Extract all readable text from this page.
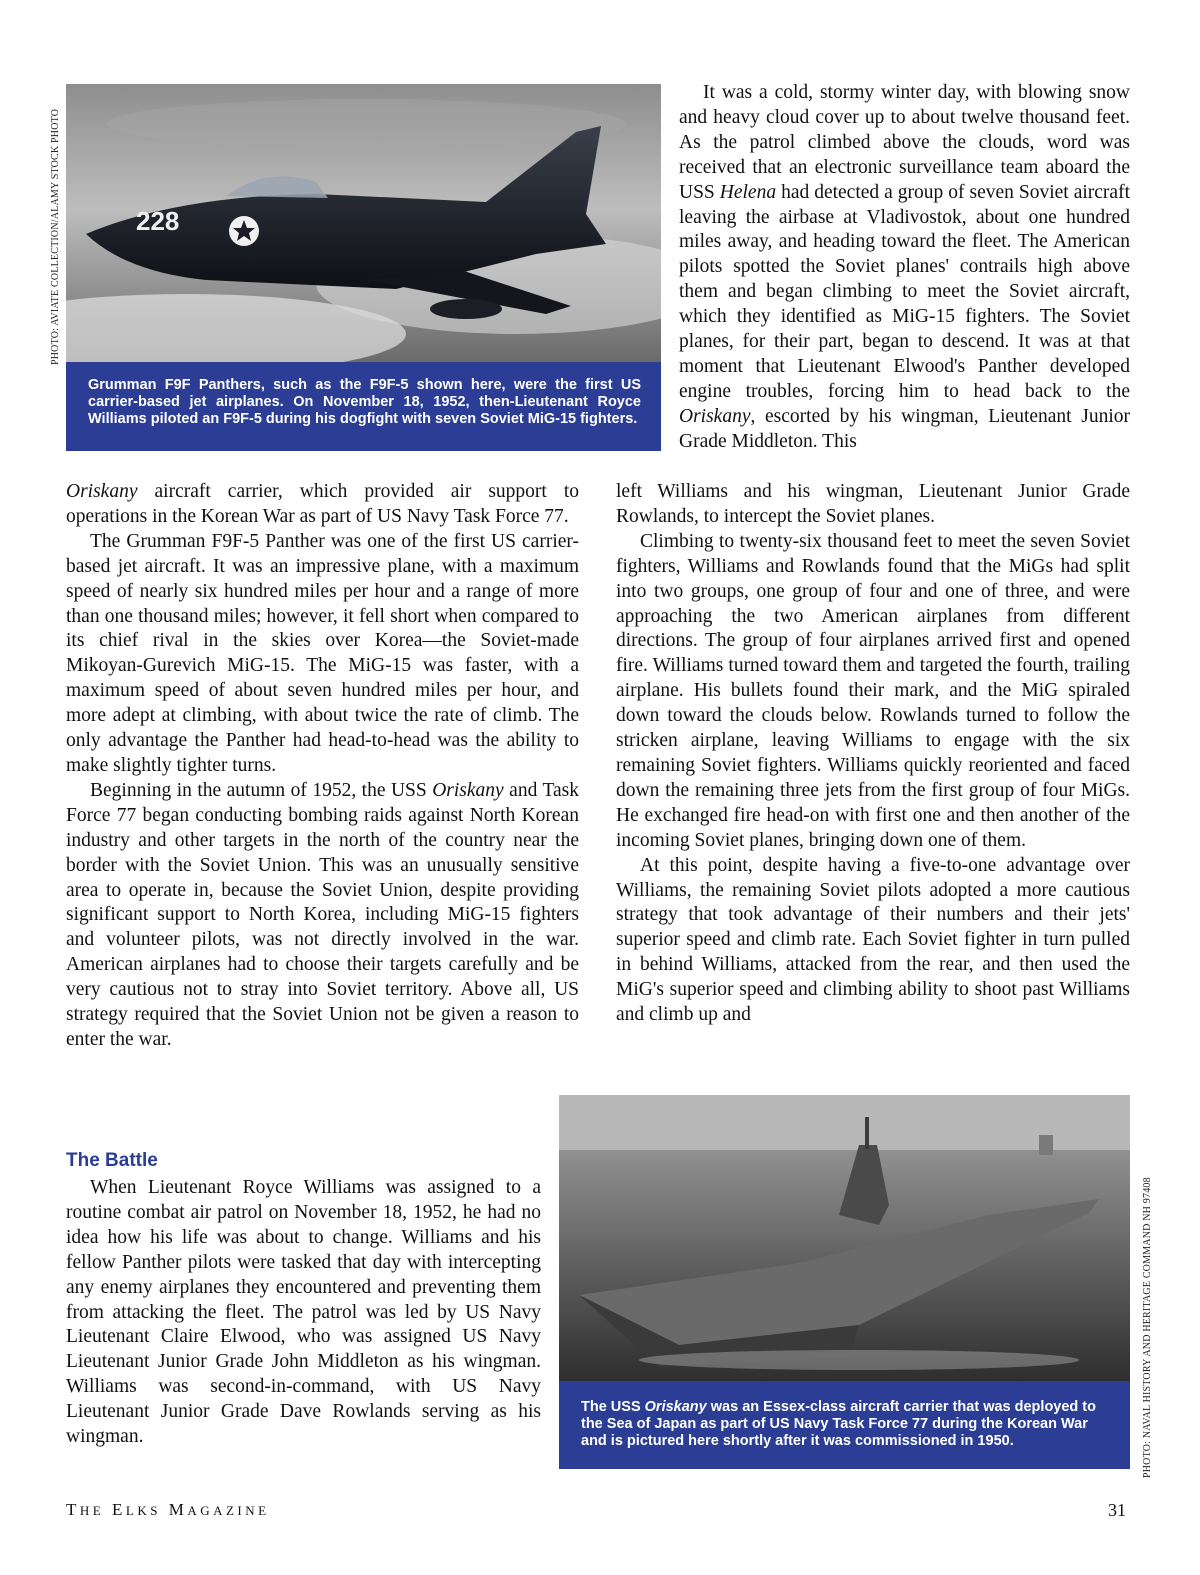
PHOTO: AVIATE COLLECTION/ALAMY STOCK PHOTO
PHOTO: NAVAL HISTORY AND HERITAGE COMMAND NH 97408
228
Grumman F9F Panthers, such as the F9F-5 shown here, were the first US carrier-based jet airplanes. On November 18, 1952, then-Lieutenant Royce Williams piloted an F9F-5 during his dogfight with seven Soviet MiG-15 fighters.

It was a cold, stormy winter day, with blowing snow and heavy cloud cover up to about twelve thousand feet. As the patrol climbed above the clouds, word was received that an electronic surveillance team aboard the USS Helena had detected a group of seven Soviet aircraft leaving the airbase at Vladivostok, about one hundred miles away, and heading toward the fleet. The American pilots spotted the Soviet planes' contrails high above them and began climbing to meet the Soviet aircraft, which they identified as MiG-15 fighters. The Soviet planes, for their part, began to descend. It was at that moment that Lieutenant Elwood's Panther developed engine troubles, forcing him to head back to the Oriskany, escorted by his wingman, Lieutenant Junior Grade Middleton. This

Oriskany aircraft carrier, which provided air support to operations in the Korean War as part of US Navy Task Force 77.

The Grumman F9F-5 Panther was one of the first US carrier-based jet aircraft. It was an impressive plane, with a maximum speed of nearly six hundred miles per hour and a range of more than one thousand miles; however, it fell short when compared to its chief rival in the skies over Korea—the Soviet-made Mikoyan-Gurevich MiG-15. The MiG-15 was faster, with a maximum speed of about seven hundred miles per hour, and more adept at climbing, with about twice the rate of climb. The only advantage the Panther had head-to-head was the ability to make slightly tighter turns.

Beginning in the autumn of 1952, the USS Oriskany and Task Force 77 began conducting bombing raids against North Korean industry and other targets in the north of the country near the border with the Soviet Union. This was an unusually sensitive area to operate in, because the Soviet Union, despite providing significant support to North Korea, including MiG-15 fighters and volunteer pilots, was not directly involved in the war. American airplanes had to choose their targets carefully and be very cautious not to stray into Soviet territory. Above all, US strategy required that the Soviet Union not be given a reason to enter the war.

The Battle

When Lieutenant Royce Williams was assigned to a routine combat air patrol on November 18, 1952, he had no idea how his life was about to change. Williams and his fellow Panther pilots were tasked that day with intercepting any enemy airplanes they encountered and preventing them from attacking the fleet. The patrol was led by US Navy Lieutenant Claire Elwood, who was assigned US Navy Lieutenant Junior Grade John Middleton as his wingman. Williams was second-in-command, with US Navy Lieutenant Junior Grade Dave Rowlands serving as his wingman.

left Williams and his wingman, Lieutenant Junior Grade Rowlands, to intercept the Soviet planes.

Climbing to twenty-six thousand feet to meet the seven Soviet fighters, Williams and Rowlands found that the MiGs had split into two groups, one group of four and one of three, and were approaching the two American airplanes from different directions. The group of four airplanes arrived first and opened fire. Williams turned toward them and targeted the fourth, trailing airplane. His bullets found their mark, and the MiG spiraled down toward the clouds below. Rowlands turned to follow the stricken airplane, leaving Williams to engage with the six remaining Soviet fighters. Williams quickly reoriented and faced down the remaining three jets from the first group of four MiGs. He exchanged fire head-on with first one and then another of the incoming Soviet planes, bringing down one of them.

At this point, despite having a five-to-one advantage over Williams, the remaining Soviet pilots adopted a more cautious strategy that took advantage of their numbers and their jets' superior speed and climb rate. Each Soviet fighter in turn pulled in behind Williams, attacked from the rear, and then used the MiG's superior speed and climbing ability to shoot past Williams and climb up and

The USS Oriskany was an Essex-class aircraft carrier that was deployed to the Sea of Japan as part of US Navy Task Force 77 during the Korean War and is pictured here shortly after it was commissioned in 1950.
THE ELKS MAGAZINE	31
